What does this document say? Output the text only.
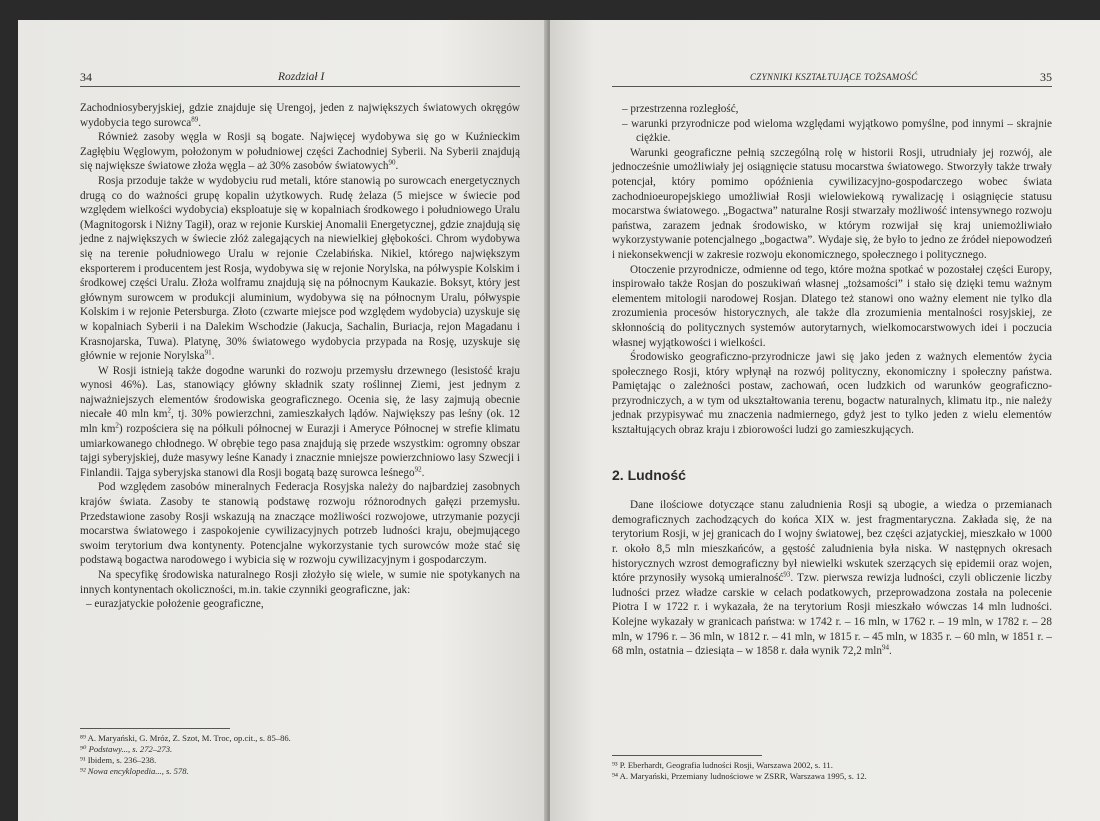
34	Rozdział I

Zachodniosyberyjskiej, gdzie znajduje się Urengoj, jeden z największych światowych okręgów wydobycia tego surowca$^{89}$.

Również zasoby węgla w Rosji są bogate. Najwięcej wydobywa się go w Kuźnieckim Zagłębiu Węglowym, położonym w południowej części Zachodniej Syberii. Na Syberii znajdują się największe światowe złoża węgla – aż 30% zasobów światowych$^{90}$.

Rosja przoduje także w wydobyciu rud metali, które stanowią po surowcach energetycznych drugą co do ważności grupę kopalin użytkowych. Rudę żelaza (5 miejsce w świecie pod względem wielkości wydobycia) eksploatuje się w kopalniach środkowego i południowego Uralu (Magnitogorsk i Niżny Tagił), oraz w rejonie Kurskiej Anomalii Energetycznej, gdzie znajdują się jedne z największych w świecie złóż zalegających na niewielkiej głębokości. Chrom wydobywa się na terenie południowego Uralu w rejonie Czelabińska. Nikiel, którego największym eksporterem i producentem jest Rosja, wydobywa się w rejonie Norylska, na półwyspie Kolskim i środkowej części Uralu. Złoża wolframu znajdują się na północnym Kaukazie. Boksyt, który jest głównym surowcem w produkcji aluminium, wydobywa się na północnym Uralu, półwyspie Kolskim i w rejonie Petersburga. Złoto (czwarte miejsce pod względem wydobycia) uzyskuje się w kopalniach Syberii i na Dalekim Wschodzie (Jakucja, Sachalin, Buriacja, rejon Magadanu i Krasnojarska, Tuwa). Platynę, 30% światowego wydobycia przypada na Rosję, uzyskuje się głównie w rejonie Norylska$^{91}$.

W Rosji istnieją także dogodne warunki do rozwoju przemysłu drzewnego (lesistość kraju wynosi 46%). Las, stanowiący główny składnik szaty roślinnej Ziemi, jest jednym z najważniejszych elementów środowiska geograficznego. Ocenia się, że lasy zajmują obecnie niecałe 40 mln $km^2$, tj. 30% powierzchni, zamieszkałych lądów. Największy pas leśny (ok. 12 mln $km^2$) rozpościera się na półkuli północnej w Eurazji i Ameryce Północnej w strefie klimatu umiarkowanego chłodnego. W obrębie tego pasa znajdują się przede wszystkim: ogromny obszar tajgi syberyjskiej, duże masywy leśne Kanady i znacznie mniejsze powierzchniowo lasy Szwecji i Finlandii. Tajga syberyjska stanowi dla Rosji bogatą bazę surowca leśnego$^{92}$.

Pod względem zasobów mineralnych Federacja Rosyjska należy do najbardziej zasobnych krajów świata. Zasoby te stanowią podstawę rozwoju różnorodnych gałęzi przemysłu. Przedstawione zasoby Rosji wskazują na znaczące możliwości rozwojowe, utrzymanie pozycji mocarstwa światowego i zaspokojenie cywilizacyjnych potrzeb ludności kraju, obejmującego swoim terytorium dwa kontynenty. Potencjalne wykorzystanie tych surowców może stać się podstawą bogactwa narodowego i wybicia się w rozwoju cywilizacyjnym i gospodarczym.

Na specyfikę środowiska naturalnego Rosji złożyło się wiele, w sumie nie spotykanych na innych kontynentach okoliczności, m.in. takie czynniki geograficzne, jak:

– eurazjatyckie położenie geograficzne,

⁸⁹ A. Maryański, G. Mróz, Z. Szot, M. Troc, op.cit., s. 85–86.
⁹⁰ Podstawy..., s. 272–273.
⁹¹ Ibidem, s. 236–238.
⁹² Nowa encyklopedia..., s. 578.
CZYNNIKI KSZTAŁTUJĄCE TOŻSAMOŚĆ	35

– przestrzenna rozległość,

– warunki przyrodnicze pod wieloma względami wyjątkowo pomyślne, pod innymi – skrajnie ciężkie.

Warunki geograficzne pełnią szczególną rolę w historii Rosji, utrudniały jej rozwój, ale jednocześnie umożliwiały jej osiągnięcie statusu mocarstwa światowego. Stworzyły także trwały potencjał, który pomimo opóźnienia cywilizacyjno-gospodarczego wobec świata zachodnioeuropejskiego umożliwiał Rosji wielowiekową rywalizację i osiągnięcie statusu mocarstwa światowego. „Bogactwa” naturalne Rosji stwarzały możliwość intensywnego rozwoju państwa, zarazem jednak środowisko, w którym rozwijał się kraj uniemożliwiało wykorzystywanie potencjalnego „bogactwa”. Wydaje się, że było to jedno ze źródeł niepowodzeń i niekonsekwencji w zakresie rozwoju ekonomicznego, społecznego i politycznego.

Otoczenie przyrodnicze, odmienne od tego, które można spotkać w pozostałej części Europy, inspirowało także Rosjan do poszukiwań własnej „tożsamości” i stało się dzięki temu ważnym elementem mitologii narodowej Rosjan. Dlatego też stanowi ono ważny element nie tylko dla zrozumienia procesów historycznych, ale także dla zrozumienia mentalności rosyjskiej, ze skłonnością do politycznych systemów autorytarnych, wielkomocarstwowych idei i poczucia własnej wyjątkowości i wielkości.

Środowisko geograficzno-przyrodnicze jawi się jako jeden z ważnych elementów życia społecznego Rosji, który wpłynął na rozwój polityczny, ekonomiczny i społeczny państwa. Pamiętając o zależności postaw, zachowań, ocen ludzkich od warunków geograficzno-przyrodniczych, a w tym od ukształtowania terenu, bogactw naturalnych, klimatu itp., nie należy jednak przypisywać mu znaczenia nadmiernego, gdyż jest to tylko jeden z wielu elementów kształtujących obraz kraju i zbiorowości ludzi go zamieszkujących.

2. Ludność

Dane ilościowe dotyczące stanu zaludnienia Rosji są ubogie, a wiedza o przemianach demograficznych zachodzących do końca XIX w. jest fragmentaryczna. Zakłada się, że na terytorium Rosji, w jej granicach do I wojny światowej, bez części azjatyckiej, mieszkało w 1000 r. około 8,5 mln mieszkańców, a gęstość zaludnienia była niska. W następnych okresach historycznych wzrost demograficzny był niewielki wskutek szerzących się epidemii oraz wojen, które przynosiły wysoką umieralność$^{93}$. Tzw. pierwsza rewizja ludności, czyli obliczenie liczby ludności przez władze carskie w celach podatkowych, przeprowadzona została na polecenie Piotra I w 1722 r. i wykazała, że na terytorium Rosji mieszkało wówczas 14 mln ludności. Kolejne wykazały w granicach państwa: w 1742 r. – 16 mln, w 1762 r. – 19 mln, w 1782 r. – 28 mln, w 1796 r. – 36 mln, w 1812 r. – 41 mln, w 1815 r. – 45 mln, w 1835 r. – 60 mln, w 1851 r. – 68 mln, ostatnia – dziesiąta – w 1858 r. dała wynik 72,2 mln$^{94}$.

⁹³ P. Eberhardt, Geografia ludności Rosji, Warszawa 2002, s. 11.
⁹⁴ A. Maryański, Przemiany ludnościowe w ZSRR, Warszawa 1995, s. 12.
